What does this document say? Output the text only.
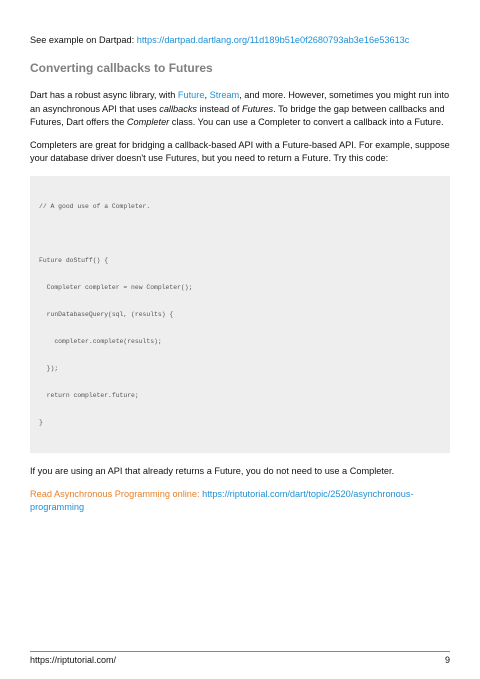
See example on Dartpad: https://dartpad.dartlang.org/11d189b51e0f2680793ab3e16e53613c

Converting callbacks to Futures

Dart has a robust async library, with Future, Stream, and more. However, sometimes you might run into an asynchronous API that uses callbacks instead of Futures. To bridge the gap between callbacks and Futures, Dart offers the Completer class. You can use a Completer to convert a callback into a Future.

Completers are great for bridging a callback-based API with a Future-based API. For example, suppose your database driver doesn't use Futures, but you need to return a Future. Try this code:

// A good use of a Completer.

Future doStuff() {

Completer completer = new Completer();

runDatabaseQuery(sql, (results) {

completer.complete(results);

});

return completer.future;

}

If you are using an API that already returns a Future, you do not need to use a Completer.

Read Asynchronous Programming online: https://riptutorial.com/dart/topic/2520/asynchronous-programming

https://riptutorial.com/	9
